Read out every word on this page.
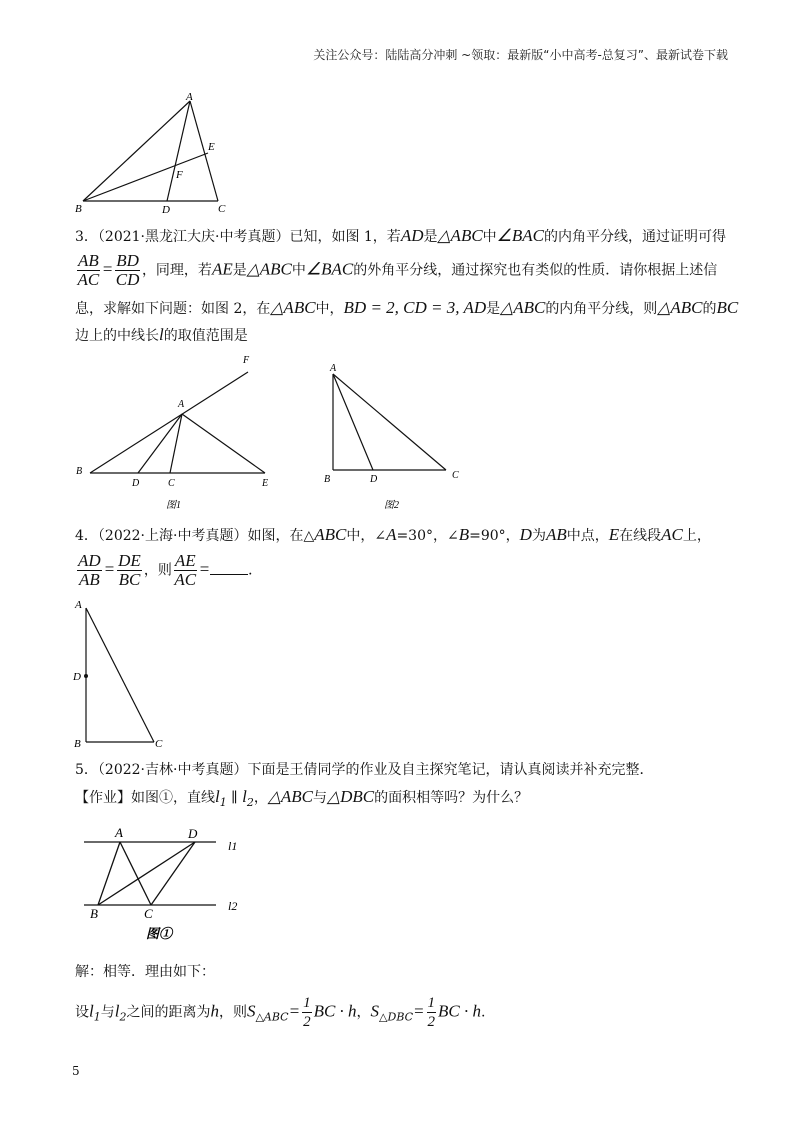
关注公众号：陆陆高分冲刺 ~领取：最新版“小中高考-总复习”、最新试卷下载
A
E
F
B	D	C
3．（2021·黑龙江大庆·中考真题）已知，如图 1，若AD是△ABC中∠BAC的内角平分线，通过证明可得
$\frac{AB}{AC} = \frac{BD}{CD}$ ，同理，若AE是△ABC中∠BAC的外角平分线，通过探究也有类似的性质．请你根据上述信
息，求解如下问题：如图 2，在△ABC中，BD = 2, CD = 3, AD是△ABC的内角平分线，则△ABC的BC
边上的中线长l的取值范围是
F
A
B
D	C	E
图1
A
B	D	C
图2
4．（2022·上海·中考真题）如图，在△ABC中，∠A=30°，∠B=90°，D为AB中点，E在线段AC上，
$\frac{AD}{AB} = \frac{DE}{BC}$ ，则 $\frac{AE}{AC}$ =	．
A
D
B	C
5．（2022·吉林·中考真题）下面是王倩同学的作业及自主探究笔记，请认真阅读并补充完整．
【作业】如图①，直线$l_1$ ∥ $l_2$，△ABC与△DBC的面积相等吗？为什么？
A	D
l1
l2
B	C
图①
解：相等．理由如下：
设$l_1$与$l_2$之间的距离为h，则$S_{\triangle ABC}= \frac{1}{2}$ BC · h，$S_{\triangle DBC}= \frac{1}{2}$ BC · h.
5
